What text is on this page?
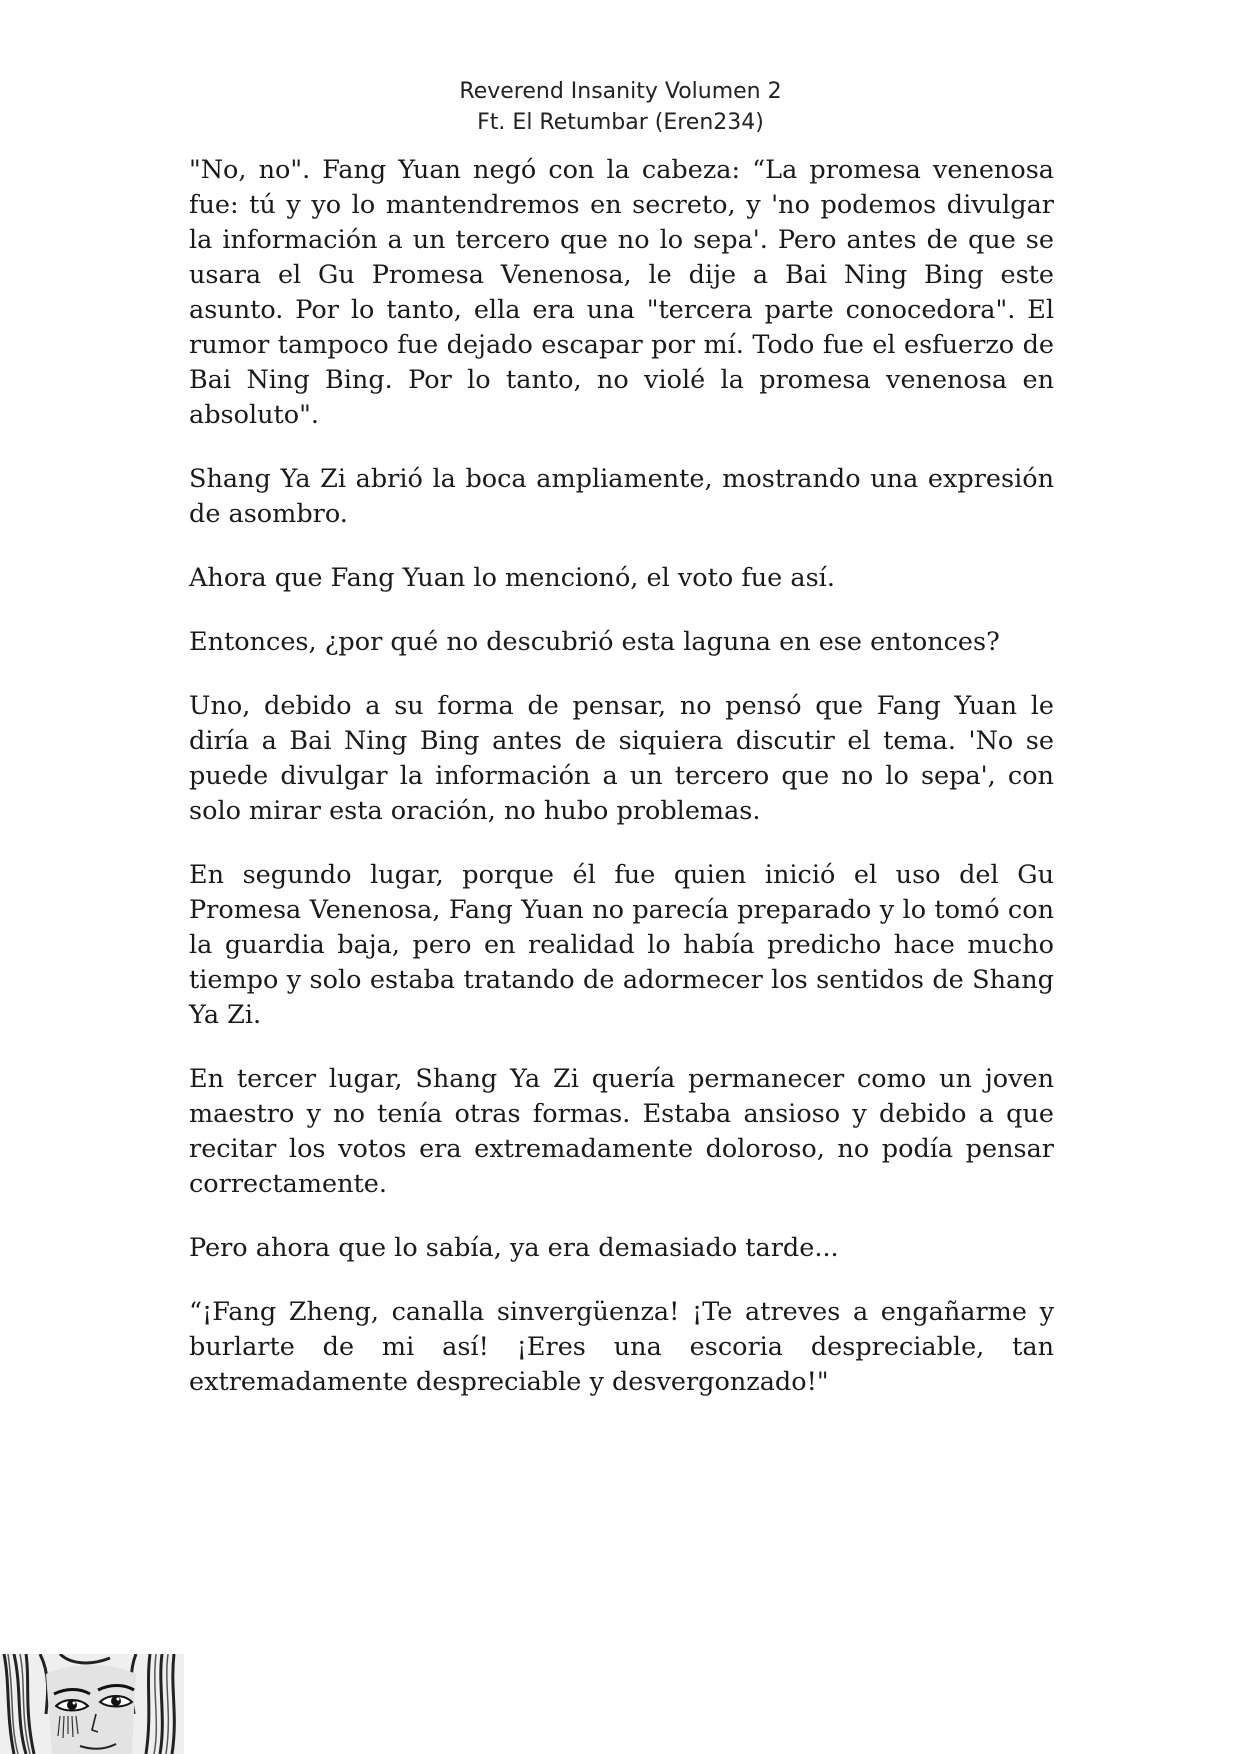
Reverend Insanity Volumen 2
Ft. El Retumbar (Eren234)

"No, no". Fang Yuan negó con la cabeza: “La promesa venenosa fue: tú y yo lo mantendremos en secreto, y 'no podemos divulgar la información a un tercero que no lo sepa'. Pero antes de que se usara el Gu Promesa Venenosa, le dije a Bai Ning Bing este asunto. Por lo tanto, ella era una "tercera parte conocedora". El rumor tampoco fue dejado escapar por mí. Todo fue el esfuerzo de Bai Ning Bing. Por lo tanto, no violé la promesa venenosa en absoluto".

Shang Ya Zi abrió la boca ampliamente, mostrando una expresión de asombro.

Ahora que Fang Yuan lo mencionó, el voto fue así.

Entonces, ¿por qué no descubrió esta laguna en ese entonces?

Uno, debido a su forma de pensar, no pensó que Fang Yuan le diría a Bai Ning Bing antes de siquiera discutir el tema. 'No se puede divulgar la información a un tercero que no lo sepa', con solo mirar esta oración, no hubo problemas.

En segundo lugar, porque él fue quien inició el uso del Gu Promesa Venenosa, Fang Yuan no parecía preparado y lo tomó con la guardia baja, pero en realidad lo había predicho hace mucho tiempo y solo estaba tratando de adormecer los sentidos de Shang Ya Zi.

En tercer lugar, Shang Ya Zi quería permanecer como un joven maestro y no tenía otras formas. Estaba ansioso y debido a que recitar los votos era extremadamente doloroso, no podía pensar correctamente.

Pero ahora que lo sabía, ya era demasiado tarde...

“¡Fang Zheng, canalla sinvergüenza! ¡Te atreves a engañarme y burlarte de mi así! ¡Eres una escoria despreciable, tan extremadamente despreciable y desvergonzado!"
